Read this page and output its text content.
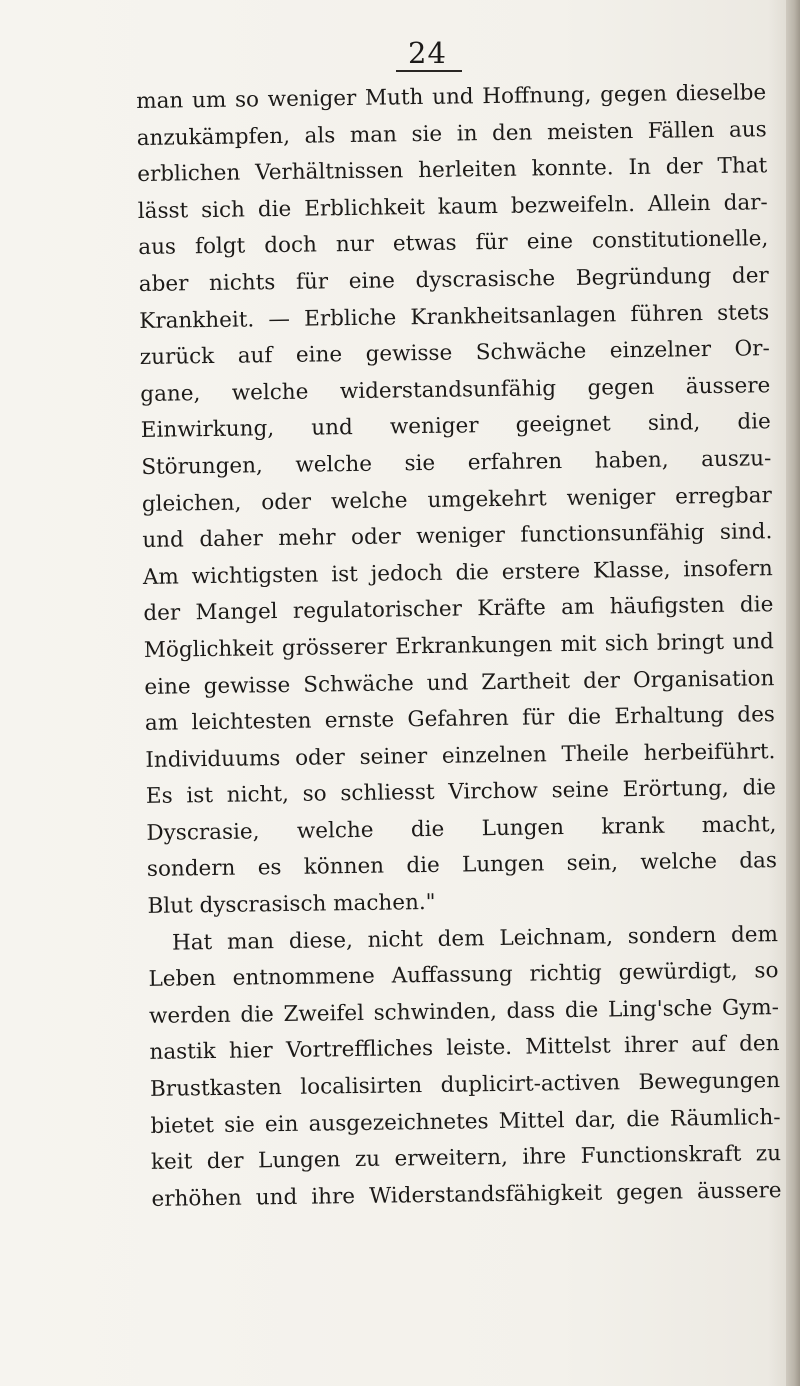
24
man um so weniger Muth und Hoffnung, gegen dieselbe
anzukämpfen, als man sie in den meisten Fällen aus
erblichen Verhältnissen herleiten konnte. In der That
lässt sich die Erblichkeit kaum bezweifeln. Allein dar-
aus folgt doch nur etwas für eine constitutionelle,
aber nichts für eine dyscrasische Begründung der
Krankheit. — Erbliche Krankheitsanlagen führen stets
zurück auf eine gewisse Schwäche einzelner Or-
gane, welche widerstandsunfähig gegen äussere
Einwirkung, und weniger geeignet sind, die
Störungen, welche sie erfahren haben, auszu-
gleichen, oder welche umgekehrt weniger erregbar
und daher mehr oder weniger functionsunfähig sind.
Am wichtigsten ist jedoch die erstere Klasse, insofern
der Mangel regulatorischer Kräfte am häufigsten die
Möglichkeit grösserer Erkrankungen mit sich bringt und
eine gewisse Schwäche und Zartheit der Organisation
am leichtesten ernste Gefahren für die Erhaltung des
Individuums oder seiner einzelnen Theile herbeiführt.
Es ist nicht, so schliesst Virchow seine Erörtung, die
Dyscrasie, welche die Lungen krank macht,
sondern es können die Lungen sein, welche das
Blut dyscrasisch machen."
Hat man diese, nicht dem Leichnam, sondern dem
Leben entnommene Auffassung richtig gewürdigt, so
werden die Zweifel schwinden, dass die Ling'sche Gym-
nastik hier Vortreffliches leiste. Mittelst ihrer auf den
Brustkasten localisirten duplicirt-activen Bewegungen
bietet sie ein ausgezeichnetes Mittel dar, die Räumlich-
keit der Lungen zu erweitern, ihre Functionskraft zu
erhöhen und ihre Widerstandsfähigkeit gegen äussere
